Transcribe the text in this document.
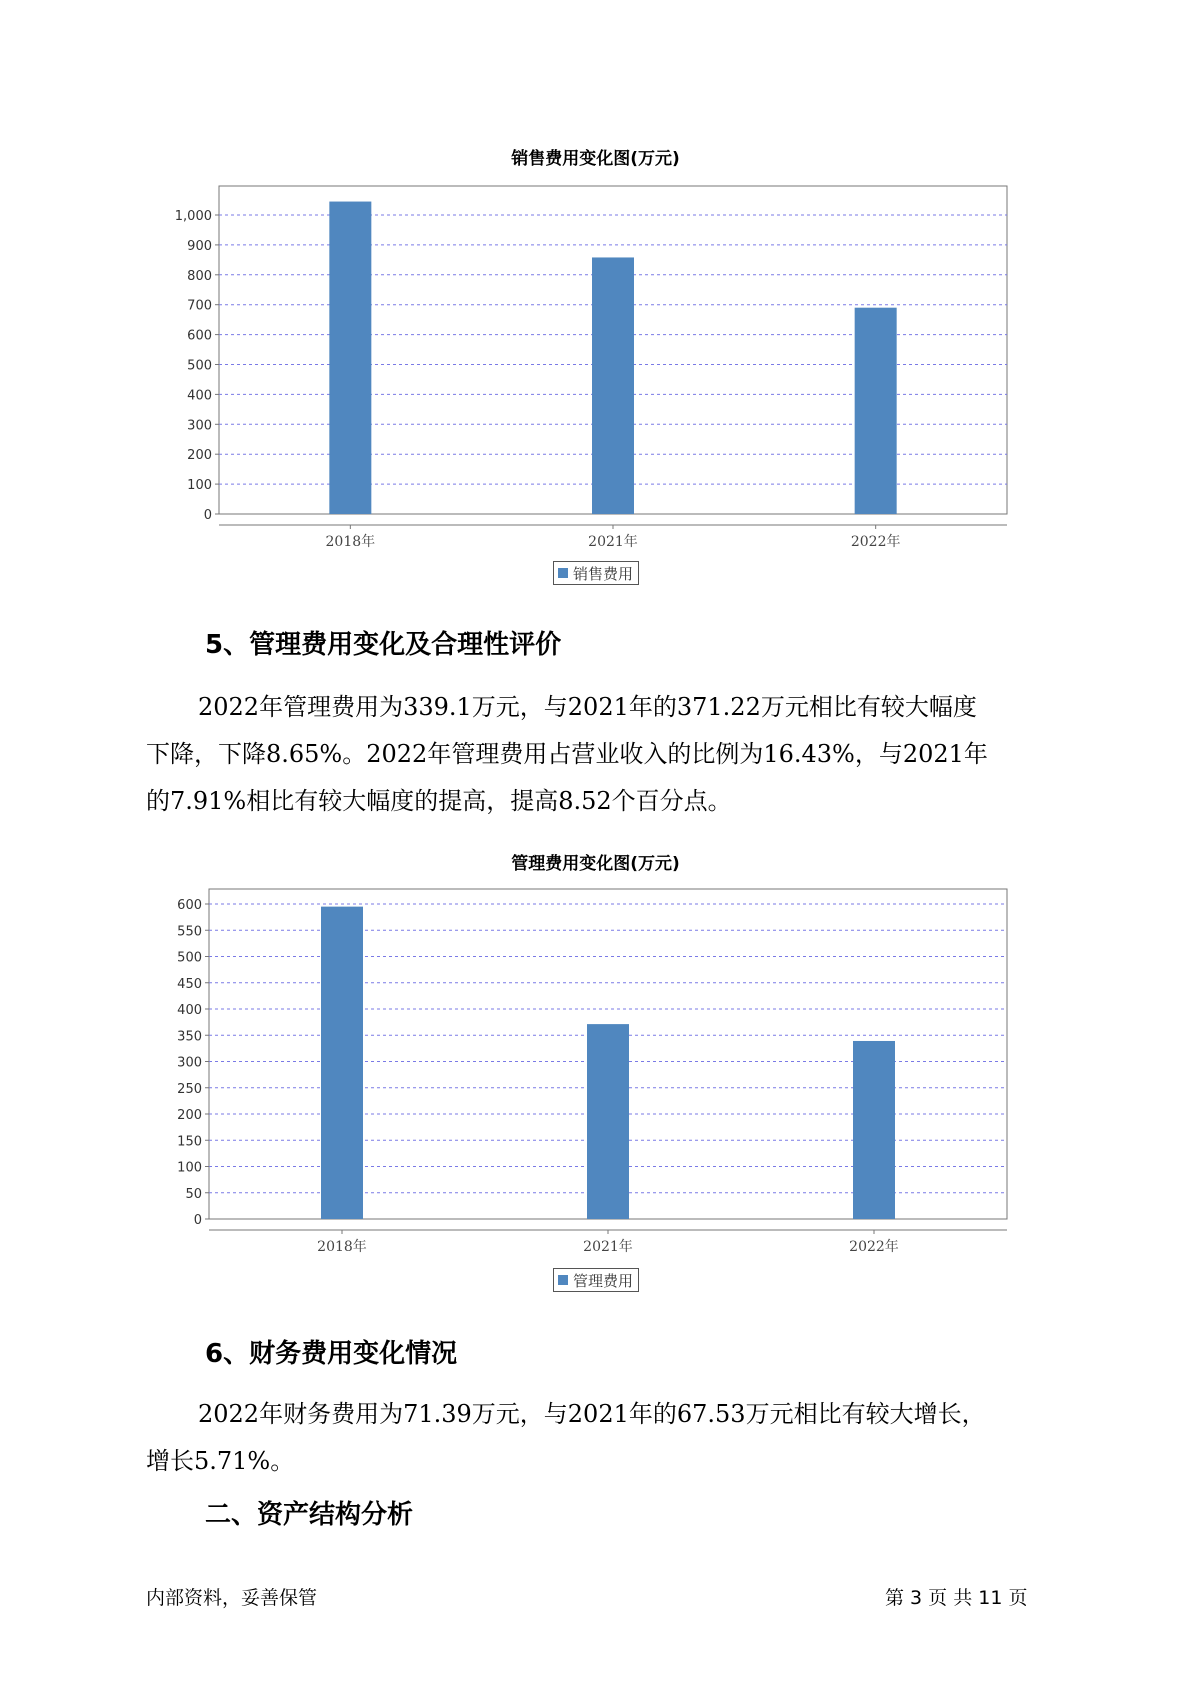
销售费用变化图(万元)
0
100
200
300
400
500
600
700
800
900
1,000
2018年	2021年	2022年
销售费用
5、管理费用变化及合理性评价

2022年管理费用为339.1万元，与2021年的371.22万元相比有较大幅度
下降，下降8.65%。2022年管理费用占营业收入的比例为16.43%，与2021年
的7.91%相比有较大幅度的提高，提高8.52个百分点。

管理费用变化图(万元)
0
50
100
150
200
250
300
350
400
450
500
550
600
2018年	2021年	2022年
管理费用
6、财务费用变化情况

2022年财务费用为71.39万元，与2021年的67.53万元相比有较大增长，
增长5.71%。

二、资产结构分析
内部资料，妥善保管	第 3 页 共 11 页
